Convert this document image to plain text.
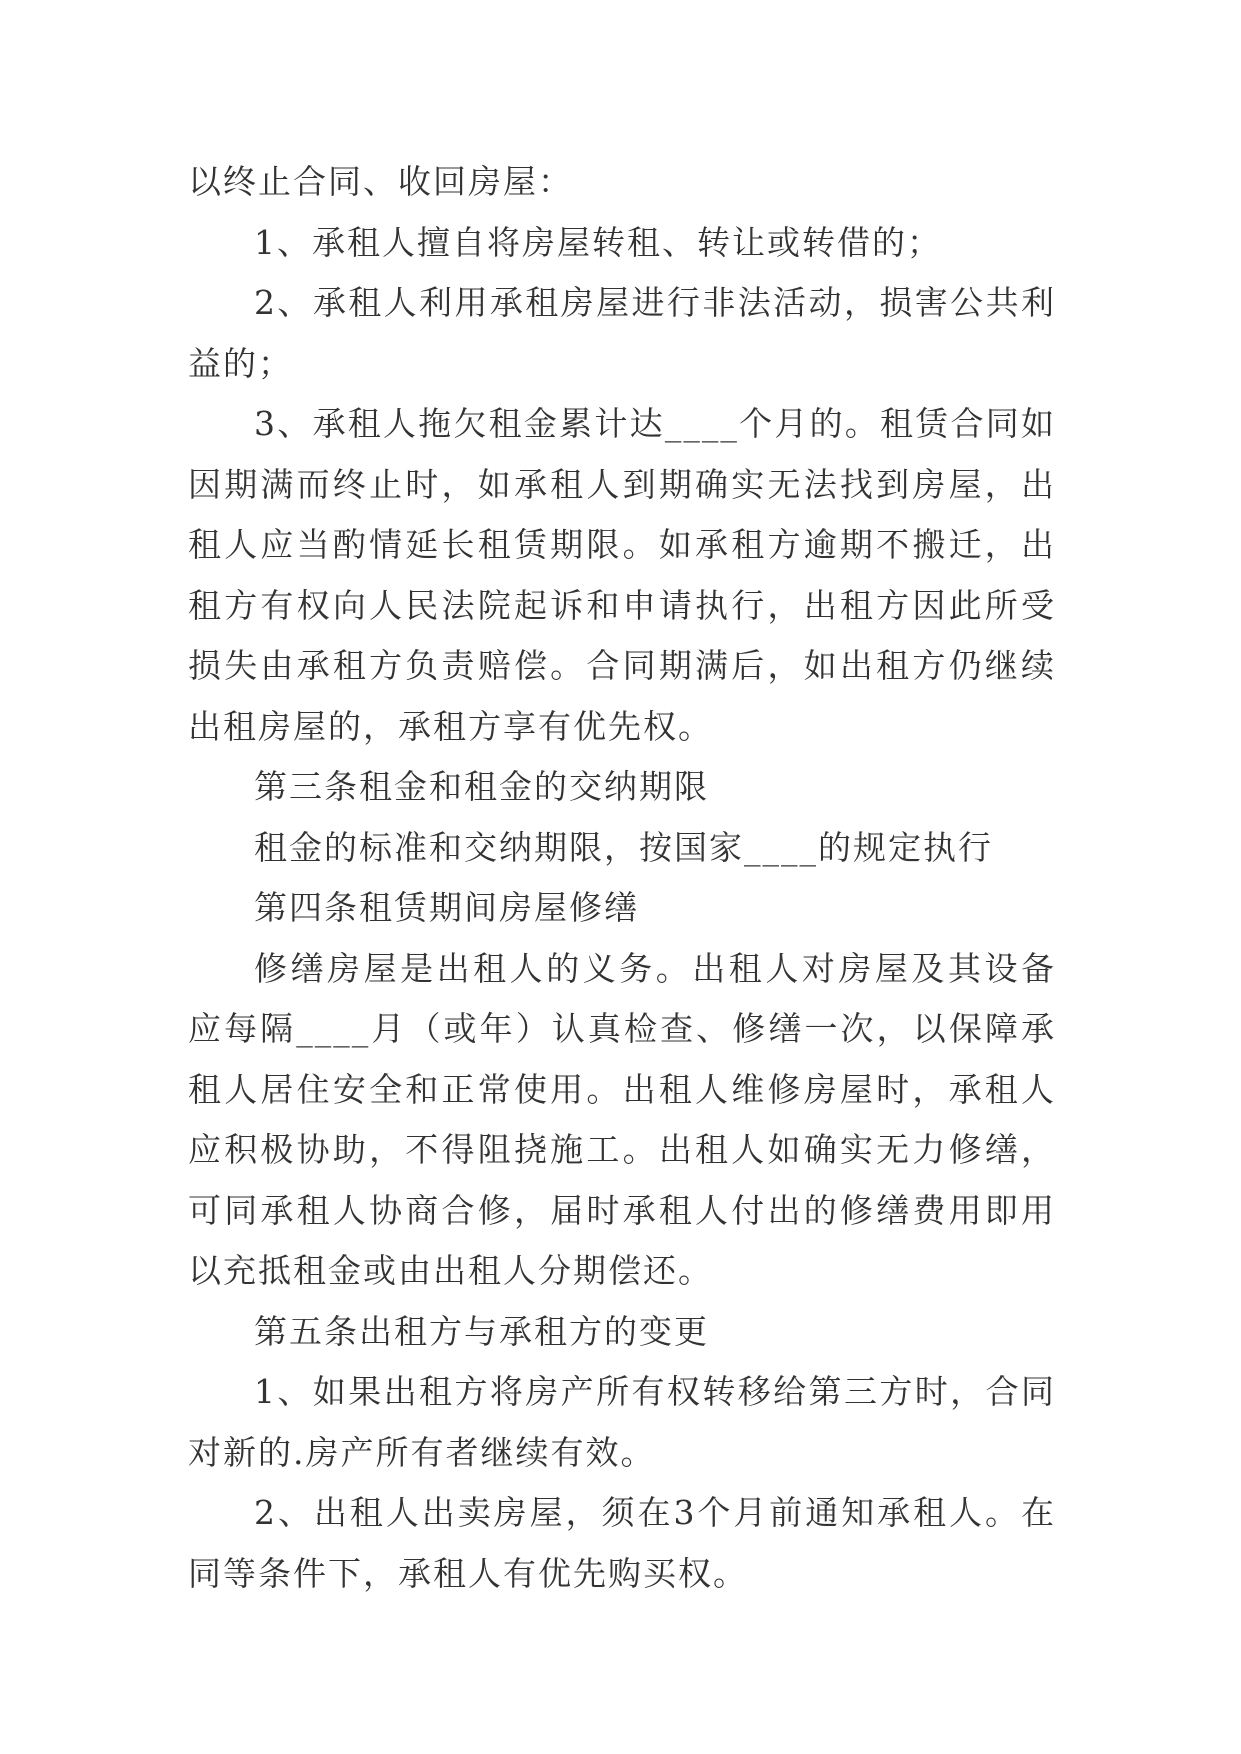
以终止合同、收回房屋：

1、承租人擅自将房屋转租、转让或转借的；

2、承租人利用承租房屋进行非法活动，损害公共利益的；

3、承租人拖欠租金累计达____个月的。租赁合同如因期满而终止时，如承租人到期确实无法找到房屋，出租人应当酌情延长租赁期限。如承租方逾期不搬迁，出租方有权向人民法院起诉和申请执行，出租方因此所受损失由承租方负责赔偿。合同期满后，如出租方仍继续出租房屋的，承租方享有优先权。

第三条租金和租金的交纳期限

租金的标准和交纳期限，按国家____的规定执行

第四条租赁期间房屋修缮

修缮房屋是出租人的义务。出租人对房屋及其设备应每隔____月（或年）认真检查、修缮一次，以保障承租人居住安全和正常使用。出租人维修房屋时，承租人应积极协助，不得阻挠施工。出租人如确实无力修缮，可同承租人协商合修，届时承租人付出的修缮费用即用以充抵租金或由出租人分期偿还。

第五条出租方与承租方的变更

1、如果出租方将房产所有权转移给第三方时，合同对新的.房产所有者继续有效。

2、出租人出卖房屋，须在3个月前通知承租人。在同等条件下，承租人有优先购买权。
